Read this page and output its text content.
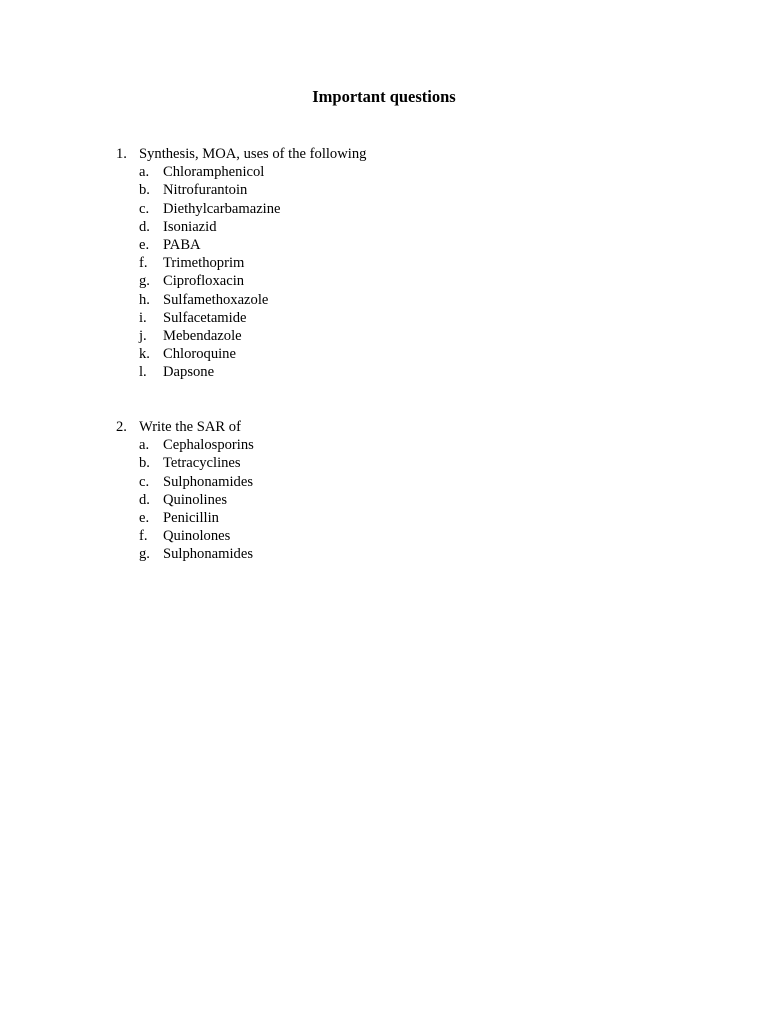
Important questions
1. Synthesis, MOA, uses of the following
a. Chloramphenicol
b. Nitrofurantoin
c. Diethylcarbamazine
d. Isoniazid
e. PABA
f.	Trimethoprim
g. Ciprofloxacin
h. Sulfamethoxazole
i.	Sulfacetamide
j.	Mebendazole
k. Chloroquine
l.	Dapsone
2. Write the SAR of
a. Cephalosporins
b. Tetracyclines
c. Sulphonamides
d. Quinolines
e. Penicillin
f.	Quinolones
g. Sulphonamides
